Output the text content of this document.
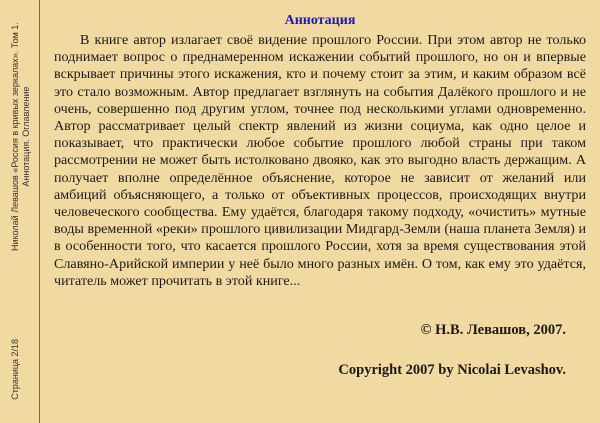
Страница 2/18
Николай Левашов «Россия в кривых зеркалах». Том 1. Аннотация. Оглавление
Аннотация

В книге автор излагает своё видение прошлого России. При этом автор не только поднимает вопрос о преднамеренном искажении событий прошлого, но он и впервые вскрывает причины этого искажения, кто и почему стоит за этим, и каким образом всё это стало возможным. Автор предлагает взглянуть на события Далёкого прошлого и не очень, совершенно под другим углом, точнее под несколькими углами одновременно. Автор рассматривает целый спектр явлений из жизни социума, как одно целое и показывает, что практически любое событие прошлого любой страны при таком рассмотрении не может быть истолковано двояко, как это выгодно власть держащим. А получает вполне определённое объяснение, которое не зависит от желаний или амбиций объясняющего, а только от объективных процессов, происходящих внутри человеческого сообщества. Ему удаётся, благодаря такому подходу, «очистить» мутные воды временной «реки» прошлого цивилизации Мидгард-Земли (наша планета Земля) и в особенности того, что касается прошлого России, хотя за время существования этой Славяно-Арийской империи у неё было много разных имён. О том, как ему это удаётся, читатель может прочитать в этой книге...

© Н.В. Левашов, 2007.
Copyright 2007 by Nicolai Levashov.
